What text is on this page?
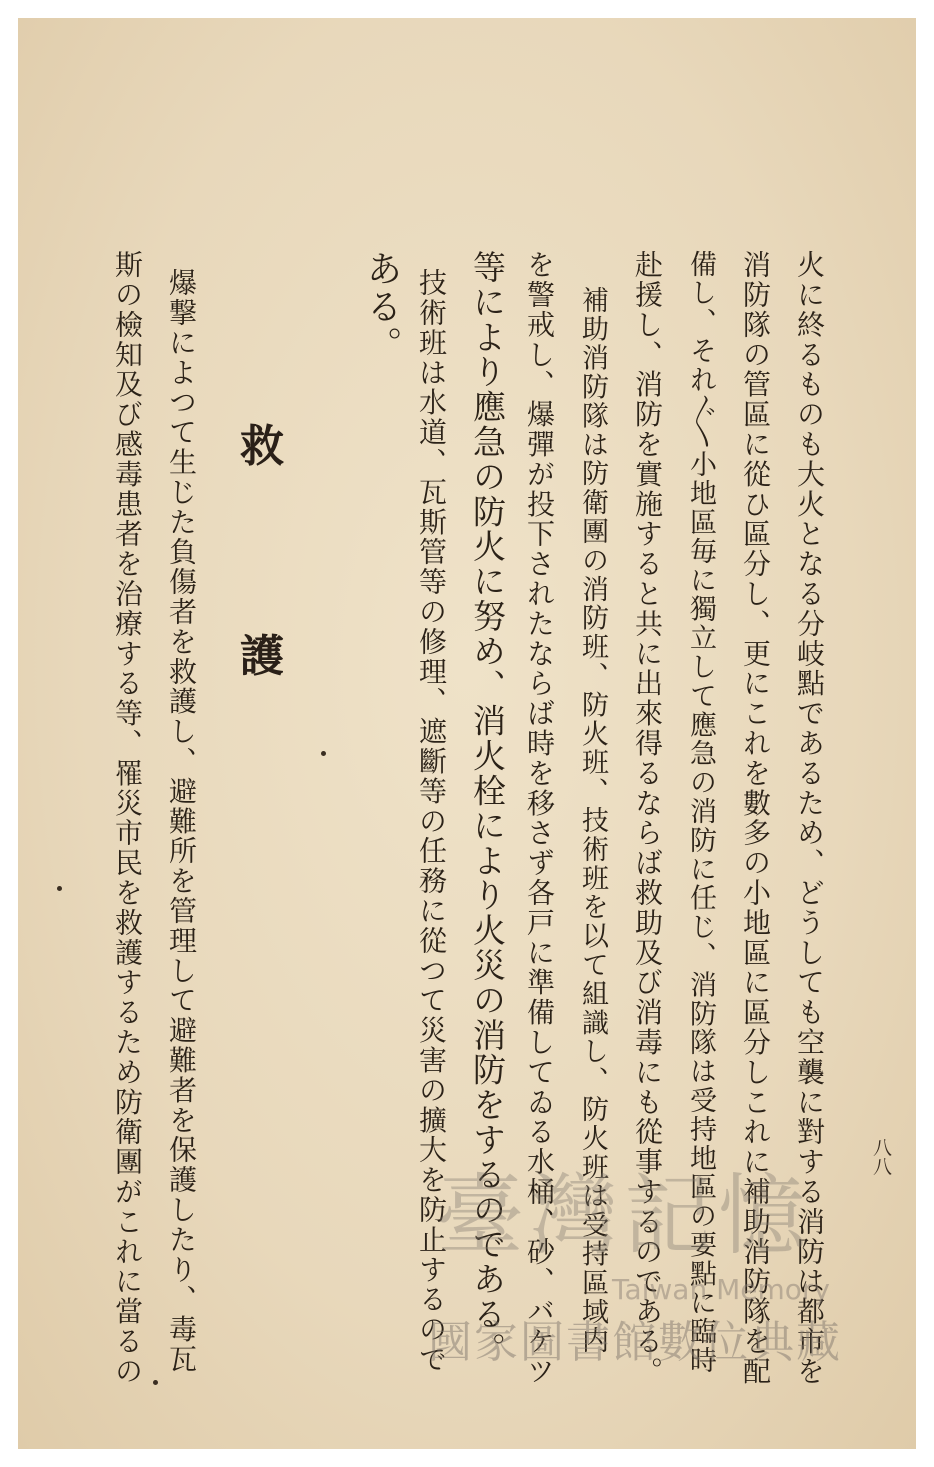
八八
火に終るものも大火となる分岐點であるため、どうしても空襲に對する消防は都市を
消防隊の管區に從ひ區分し、更にこれを數多の小地區に區分しこれに補助消防隊を配
備し、それ〴〵小地區毎に獨立して應急の消防に任じ、消防隊は受持地區の要點に臨時
赴援し、消防を實施すると共に出來得るならば救助及び消毒にも從事するのである。
補助消防隊は防衛團の消防班、防火班、技術班を以て組識し、防火班は受持區域内
を警戒し、爆彈が投下されたならば時を移さず各戸に準備してゐる水桶、砂、バケツ
等により應急の防火に努め、消火栓により火災の消防をするのである。
技術班は水道、瓦斯管等の修理、遮斷等の任務に從つて災害の擴大を防止するので
ある。
救
護
爆撃によつて生じた負傷者を救護し、避難所を管理して避難者を保護したり、毒瓦
斯の檢知及び感毒患者を治療する等、罹災市民を救護するため防衛團がこれに當るの	臺灣記憶
Taiwan Memory
國家圖書館數位典藏
